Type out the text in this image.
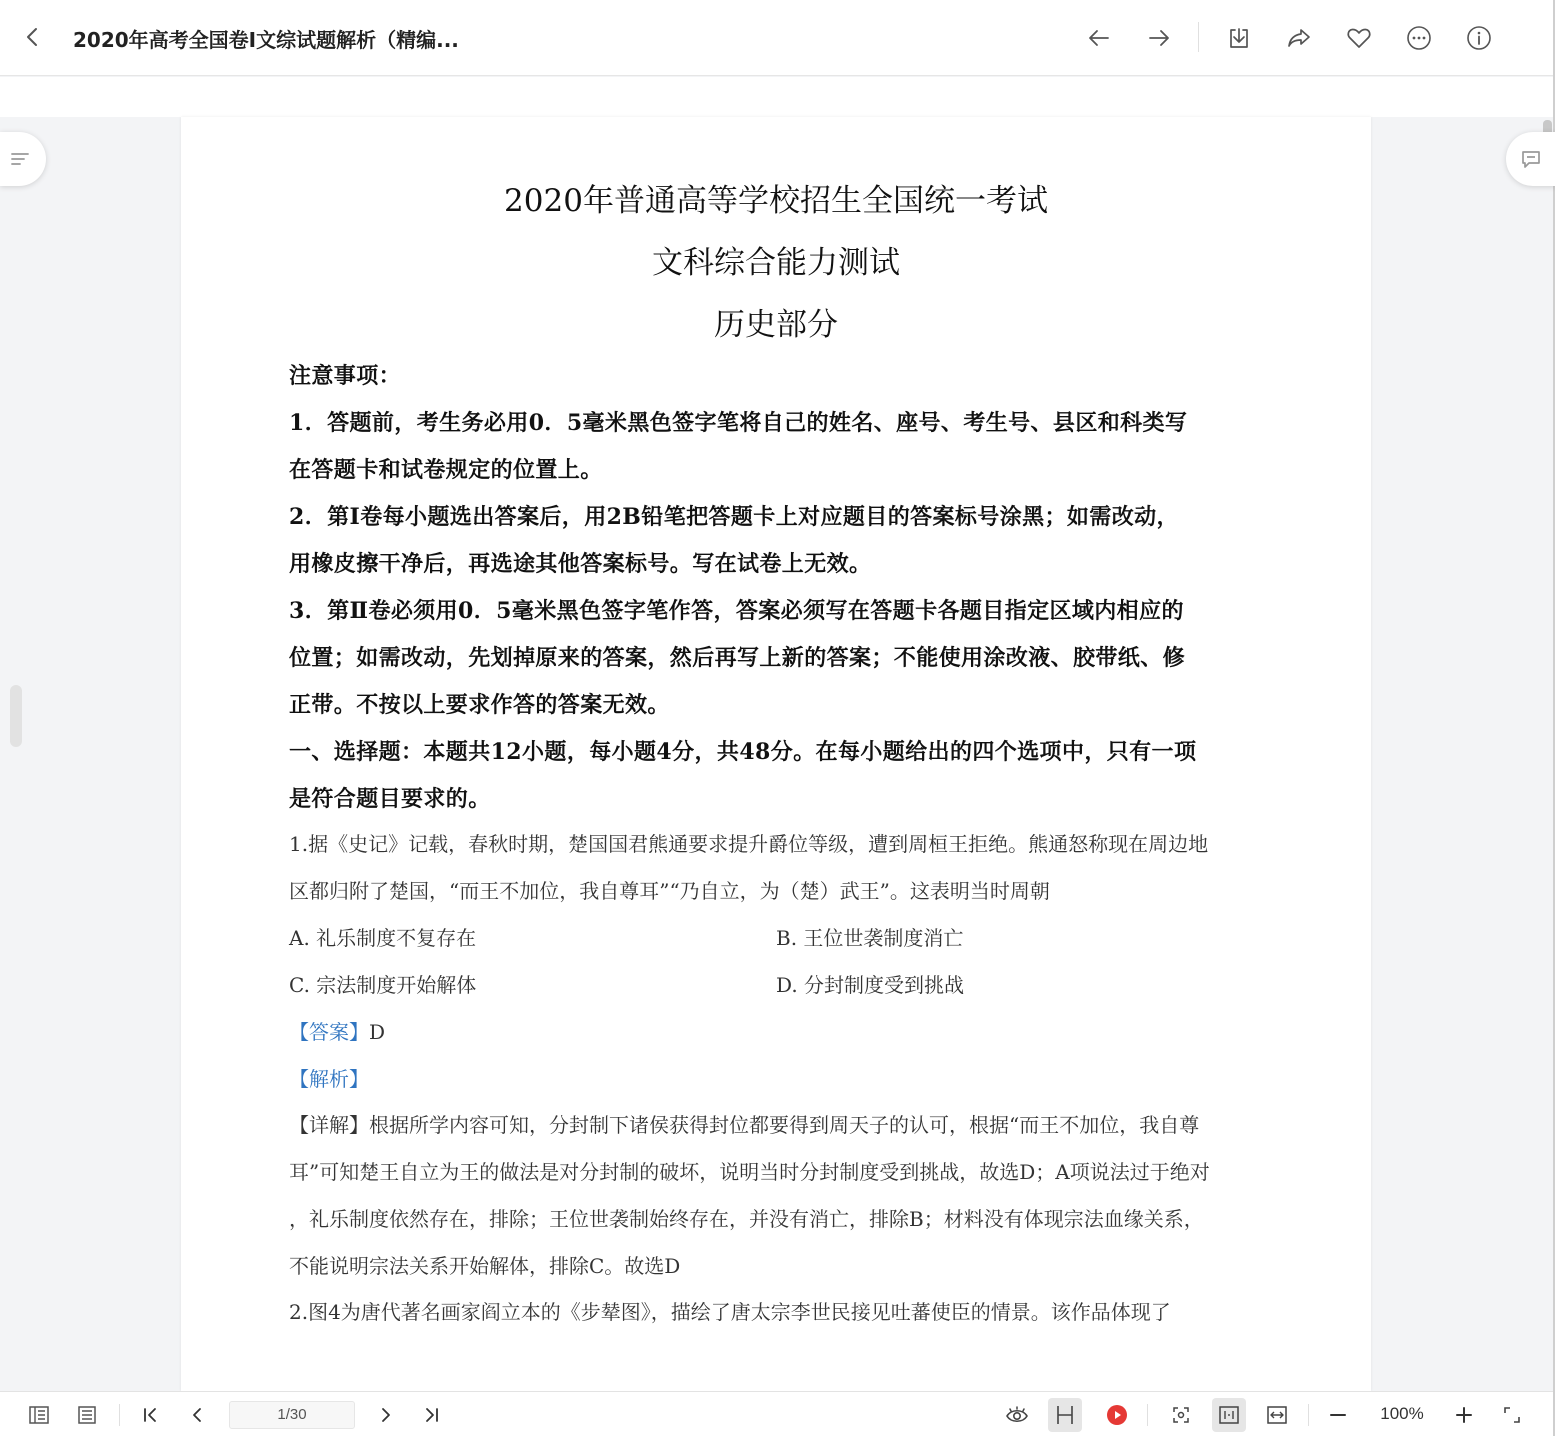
2020年高考全国卷Ⅰ文综试题解析（精编...
2020年普通高等学校招生全国统一考试
文科综合能力测试
历史部分
注意事项：
1．答题前，考生务必用0．5毫米黑色签字笔将自己的姓名、座号、考生号、县区和科类写
在答题卡和试卷规定的位置上。
2．第Ⅰ卷每小题选出答案后，用2B铅笔把答题卡上对应题目的答案标号涂黑；如需改动，
用橡皮擦干净后，再选途其他答案标号。写在试卷上无效。
3．第Ⅱ卷必须用0．5毫米黑色签字笔作答，答案必须写在答题卡各题目指定区域内相应的
位置；如需改动，先划掉原来的答案，然后再写上新的答案；不能使用涂改液、胶带纸、修
正带。不按以上要求作答的答案无效。
一、选择题：本题共12小题，每小题4分，共48分。在每小题给出的四个选项中，只有一项
是符合题目要求的。
1.据《史记》记载，春秋时期，楚国国君熊通要求提升爵位等级，遭到周桓王拒绝。熊通怒称现在周边地
区都归附了楚国，“而王不加位，我自尊耳”“乃自立，为（楚）武王”。这表明当时周朝
A. 礼乐制度不复存在	B. 王位世袭制度消亡
C. 宗法制度开始解体	D. 分封制度受到挑战
【答案】D
【解析】
【详解】根据所学内容可知，分封制下诸侯获得封位都要得到周天子的认可，根据“而王不加位，我自尊
耳”可知楚王自立为王的做法是对分封制的破坏，说明当时分封制度受到挑战，故选D；A项说法过于绝对
，礼乐制度依然存在，排除；王位世袭制始终存在，并没有消亡，排除B；材料没有体现宗法血缘关系，
不能说明宗法关系开始解体，排除C。故选D
2.图4为唐代著名画家阎立本的《步辇图》，描绘了唐太宗李世民接见吐蕃使臣的情景。该作品体现了
1/30	100%
